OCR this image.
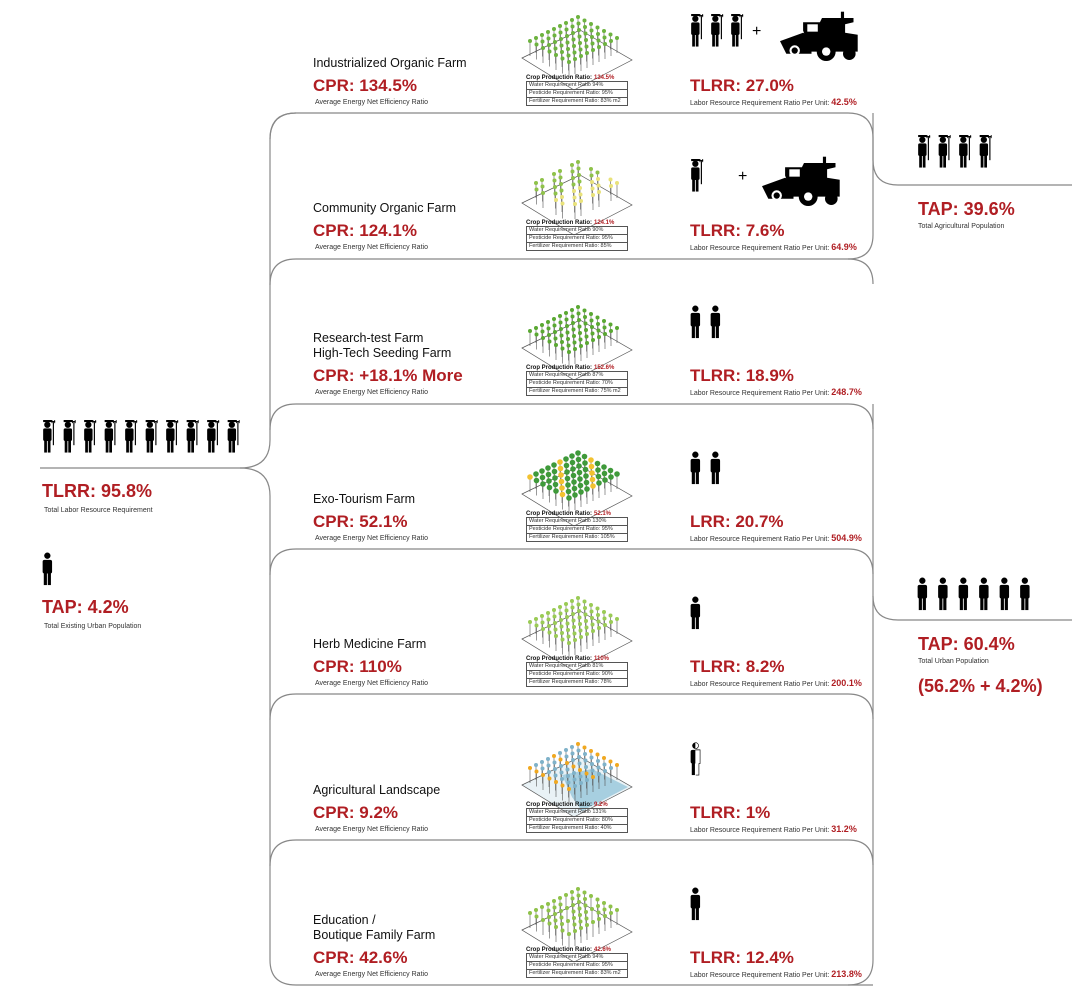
Industrialized Organic Farm
CPR: 134.5%
Average Energy Net Efficiency Ratio
Crop Production Ratio: 134.5%
Water Requirement Ratio 94%
Pesticide Requirement Ratio: 95%
Fertilizer Requirement Ratio: 83% m2
+
TLRR: 27.0%
Labor Resource Requirement Ratio Per Unit: 42.5%
Community Organic Farm
CPR: 124.1%
Average Energy Net Efficiency Ratio
Crop Production Ratio: 124.1%
Water Requirement Ratio 90%
Pesticide Requirement Ratio: 95%
Fertilizer Requirement Ratio: 85%
+
TLRR: 7.6%
Labor Resource Requirement Ratio Per Unit: 64.9%
Research-test Farm
High-Tech Seeding Farm
CPR: +18.1% More
Average Energy Net Efficiency Ratio
Crop Production Ratio: 152.6%
Water Requirement Ratio 87%
Pesticide Requirement Ratio: 70%
Fertilizer Requirement Ratio: 75% m2
TLRR: 18.9%
Labor Resource Requirement Ratio Per Unit: 248.7%
Exo-Tourism Farm
CPR: 52.1%
Average Energy Net Efficiency Ratio
Crop Production Ratio: 52.1%
Water Requirement Ratio 130%
Pesticide Requirement Ratio: 95%
Fertilizer Requirement Ratio: 105%
LRR: 20.7%
Labor Resource Requirement Ratio Per Unit: 504.9%
Herb Medicine Farm
CPR: 110%
Average Energy Net Efficiency Ratio
Crop Production Ratio: 110%
Water Requirement Ratio 81%
Pesticide Requirement Ratio: 90%
Fertilizer Requirement Ratio: 78%
TLRR: 8.2%
Labor Resource Requirement Ratio Per Unit: 200.1%
Agricultural Landscape
CPR: 9.2%
Average Energy Net Efficiency Ratio
Crop Production Ratio: 9.2%
Water Requirement Ratio 131%
Pesticide Requirement Ratio: 80%
Fertilizer Requirement Ratio: 40%
TLRR: 1%
Labor Resource Requirement Ratio Per Unit: 31.2%
Education /
Boutique Family Farm
CPR: 42.6%
Average Energy Net Efficiency Ratio
Crop Production Ratio: 42.6%
Water Requirement Ratio 94%
Pesticide Requirement Ratio: 95%
Fertilizer Requirement Ratio: 83% m2
TLRR: 12.4%
Labor Resource Requirement Ratio Per Unit: 213.8%
TLRR: 95.8%
Total Labor Resource Requirement
TAP: 4.2%
Total Existing Urban Population
TAP: 39.6%
Total Agricultural Population
TAP: 60.4%
Total Urban Population
(56.2% + 4.2%)
